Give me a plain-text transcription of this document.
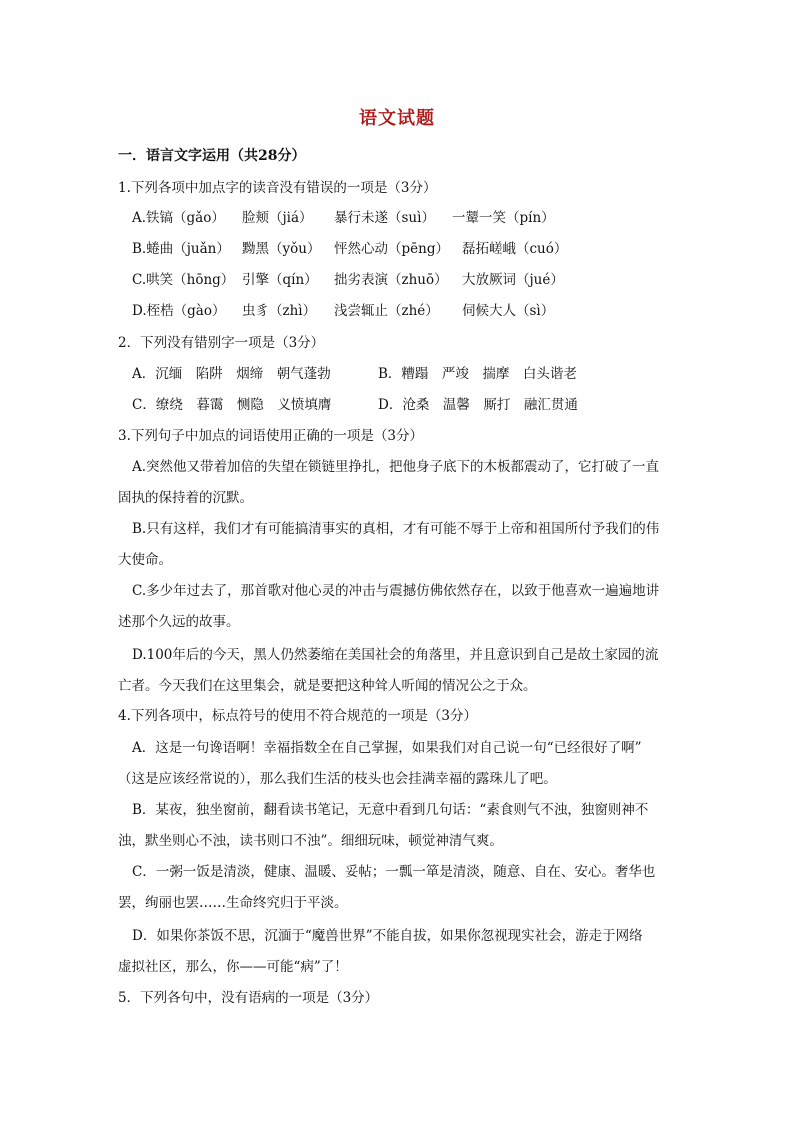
语文试题
一．语言文字运用（共28分）
1.下列各项中加点字的读音没有错误的一项是（3分）
A.铁镐（gǎo） 脸颊（jiá） 暴行未遂（suì） 一颦一笑（pín）
B.蜷曲（juǎn） 黝黑（yǒu） 怦然心动（pēng） 磊拓嵯峨（cuó）
C.哄笑（hōng） 引擎（qín） 拙劣表演（zhuō） 大放厥词（jué）
D.桎梏（gào） 虫豸（zhì） 浅尝辄止（zhé） 伺候大人（sì）
2．下列没有错别字一项是（3分）
A．沉缅　陷阱　烟缔　朝气蓬勃	B．糟蹋　严竣　揣摩　白头谐老
C．缭绕　暮霭　恻隐　义愤填膺	D．沧桑　温馨　厮打　融汇贯通
3.下列句子中加点的词语使用正确的一项是（3分）
A.突然他又带着加倍的失望在锁链里挣扎，把他身子底下的木板都震动了，它打破了一直
固执的保持着的沉默。
B.只有这样，我们才有可能搞清事实的真相，才有可能不辱于上帝和祖国所付予我们的伟
大使命。
C.多少年过去了，那首歌对他心灵的冲击与震撼仿佛依然存在，以致于他喜欢一遍遍地讲
述那个久远的故事。
D.100年后的今天，黑人仍然萎缩在美国社会的角落里，并且意识到自己是故土家园的流
亡者。今天我们在这里集会，就是要把这种耸人听闻的情况公之于众。
4.下列各项中，标点符号的使用不符合规范的一项是（3分）
A．这是一句谗语啊！幸福指数全在自己掌握，如果我们对自己说一句“已经很好了啊”
（这是应该经常说的），那么我们生活的枝头也会挂满幸福的露珠儿了吧。
B．某夜，独坐窗前，翻看读书笔记，无意中看到几句话：“素食则气不浊，独窗则神不
浊，默坐则心不浊，读书则口不浊”。细细玩味，顿觉神清气爽。
C．一粥一饭是清淡，健康、温暖、妥帖；一瓢一箪是清淡，随意、自在、安心。奢华也
罢，绚丽也罢……生命终究归于平淡。
D．如果你茶饭不思，沉湎于“魔兽世界”不能自拔，如果你忽视现实社会，游走于网络
虚拟社区，那么，你——可能“病”了！
5．下列各句中，没有语病的一项是（3分）
